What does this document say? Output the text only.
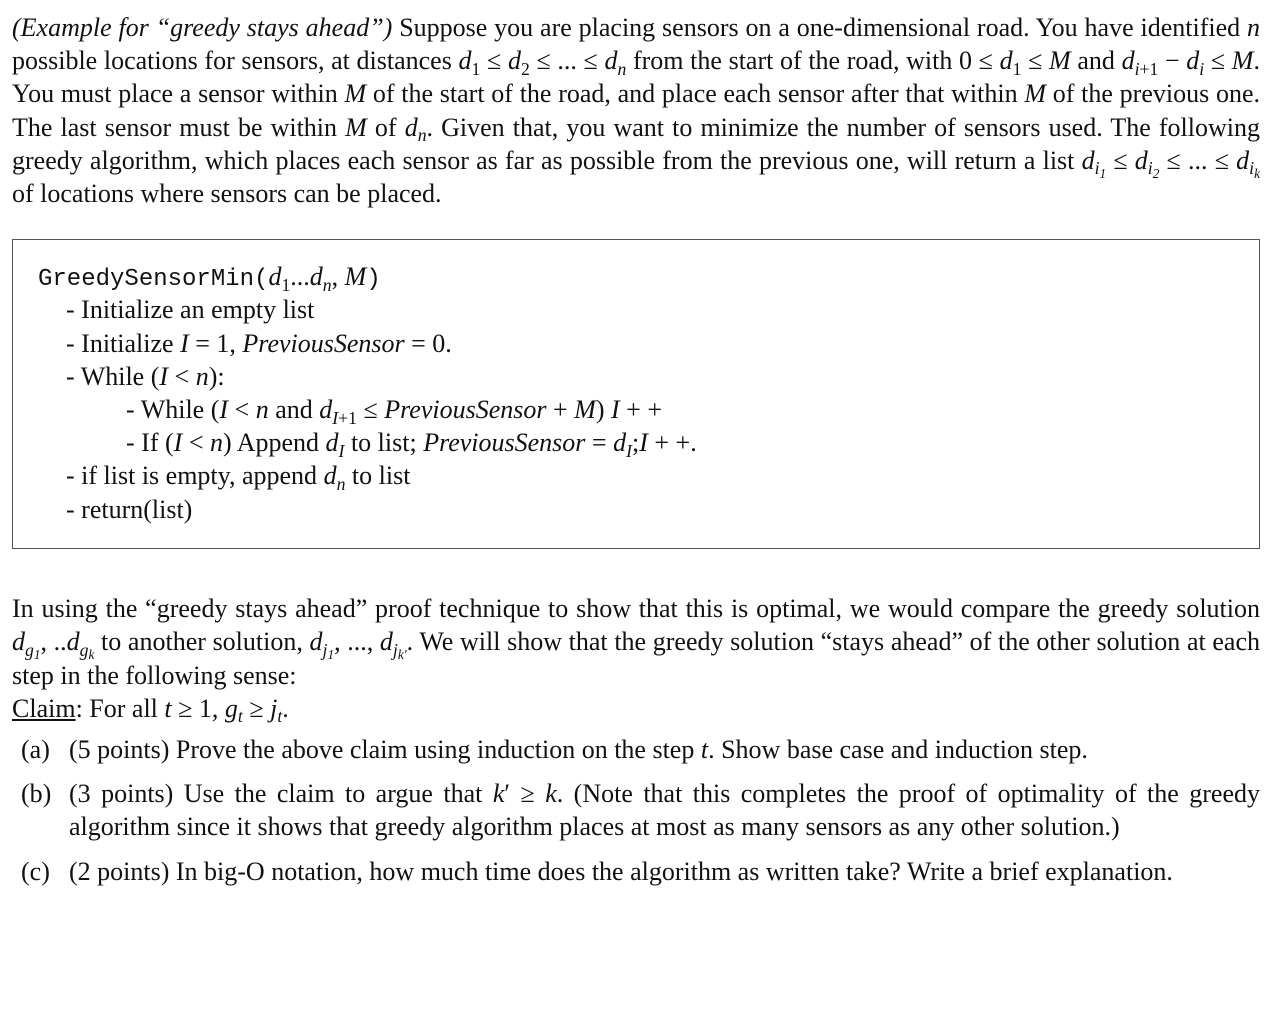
(Example for “greedy stays ahead”) Suppose you are placing sensors on a one-dimensional road. You have identified n possible locations for sensors, at distances $d_1 \le d_2$ ≤ ... ≤ $d_n$ from the start of the road, with $0 \le d_1 \le M$ and $d_{i+1} - d_i \le M$. You must place a sensor within M of the start of the road, and place each sensor after that within M of the previous one. The last sensor must be within M of $d_n$. Given that, you want to minimize the number of sensors used. The following greedy algorithm, which places each sensor as far as possible from the previous one, will return a list $d_{i_1} \le d_{i_2}$ ≤ ... ≤ $d_{i_k}$ of locations where sensors can be placed.

$GreedySensorMin(d_1...d_n$, M)
- Initialize an empty list
- Initialize I = 1, PreviousSensor = 0.
- While (I < n):
- While (I < n and $d_{I+1}$ ≤ PreviousSensor + M) I + +
- If (I < n) Append $d_I$ to list; PreviousSensor = $d_I;I$ + +.
- if list is empty, append $d_n$ to list
- return(list)

In using the “greedy stays ahead” proof technique to show that this is optimal, we would compare the greedy solution $d_{g_1}$, $..d_{g_k}$ to another solution, $d_{j_1}$, ..., $d_{j_{k'}}$. We will show that the greedy solution “stays ahead” of the other solution at each step in the following sense:
Claim: For all t ≥ 1, $g_t \ge j_t$.

(a) (5 points) Prove the above claim using induction on the step t. Show base case and induction step.
(b) (3 points) Use the claim to argue that k′ ≥ k. (Note that this completes the proof of optimality of the greedy algorithm since it shows that greedy algorithm places at most as many sensors as any other solution.)
(c) (2 points) In big-O notation, how much time does the algorithm as written take? Write a brief explanation.
